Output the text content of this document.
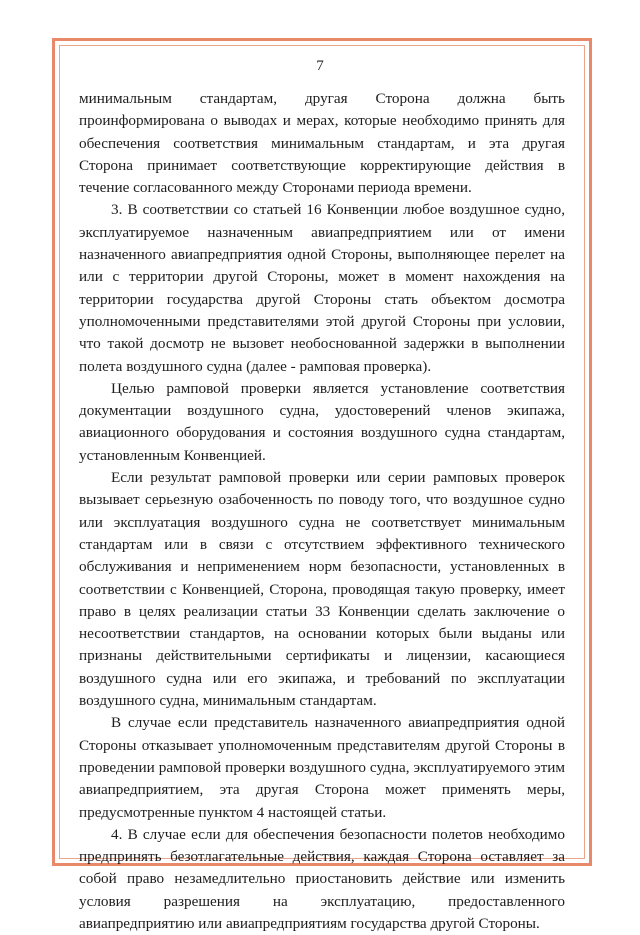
7

минимальным стандартам, другая Сторона должна быть проинформирована о выводах и мерах, которые необходимо принять для обеспечения соответствия минимальным стандартам, и эта другая Сторона принимает соответствующие корректирующие действия в течение согласованного между Сторонами периода времени.

3. В соответствии со статьей 16 Конвенции любое воздушное судно, эксплуатируемое назначенным авиапредприятием или от имени назначенного авиапредприятия одной Стороны, выполняющее перелет на или с территории другой Стороны, может в момент нахождения на территории государства другой Стороны стать объектом досмотра уполномоченными представителями этой другой Стороны при условии, что такой досмотр не вызовет необоснованной задержки в выполнении полета воздушного судна (далее - рамповая проверка).

Целью рамповой проверки является установление соответствия документации воздушного судна, удостоверений членов экипажа, авиационного оборудования и состояния воздушного судна стандартам, установленным Конвенцией.

Если результат рамповой проверки или серии рамповых проверок вызывает серьезную озабоченность по поводу того, что воздушное судно или эксплуатация воздушного судна не соответствует минимальным стандартам или в связи с отсутствием эффективного технического обслуживания и неприменением норм безопасности, установленных в соответствии с Конвенцией, Сторона, проводящая такую проверку, имеет право в целях реализации статьи 33 Конвенции сделать заключение о несоответствии стандартов, на основании которых были выданы или признаны действительными сертификаты и лицензии, касающиеся воздушного судна или его экипажа, и требований по эксплуатации воздушного судна, минимальным стандартам.

В случае если представитель назначенного авиапредприятия одной Стороны отказывает уполномоченным представителям другой Стороны в проведении рамповой проверки воздушного судна, эксплуатируемого этим авиапредприятием, эта другая Сторона может применять меры, предусмотренные пунктом 4 настоящей статьи.

4. В случае если для обеспечения безопасности полетов необходимо предпринять безотлагательные действия, каждая Сторона оставляет за собой право незамедлительно приостановить действие или изменить условия разрешения на эксплуатацию, предоставленного авиапредприятию или авиапредприятиям государства другой Стороны.
